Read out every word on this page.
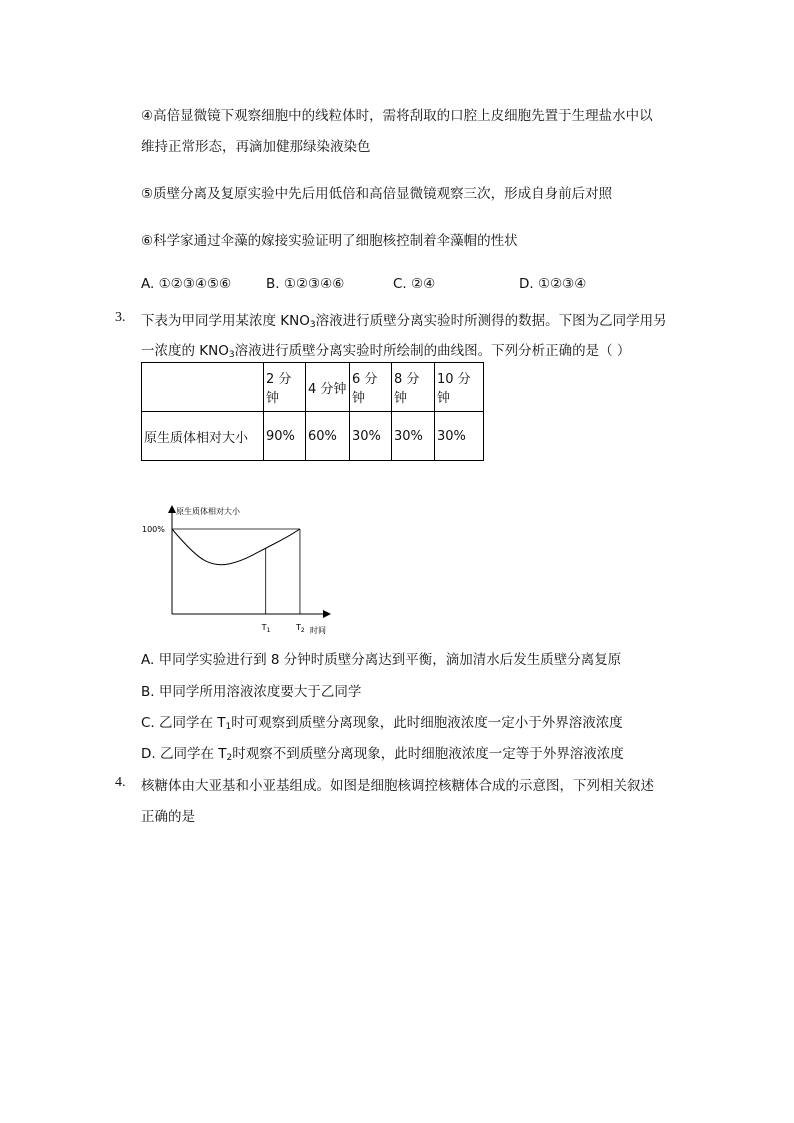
④高倍显微镜下观察细胞中的线粒体时，需将刮取的口腔上皮细胞先置于生理盐水中以
维持正常形态，再滴加健那绿染液染色
⑤质壁分离及复原实验中先后用低倍和高倍显微镜观察三次，形成自身前后对照
⑥科学家通过伞藻的嫁接实验证明了细胞核控制着伞藻帽的性状
A. ①②③④⑤⑥	B. ①②③④⑥	C. ②④	D. ①②③④
3. 下表为甲同学用某浓度 $KNO_3$溶液进行质壁分离实验时所测得的数据。下图为乙同学用另
一浓度的 $KNO_3$溶液进行质壁分离实验时所绘制的曲线图。下列分析正确的是（ ）
	2 分钟	4 分钟	6 分钟	8 分钟	10 分钟
原生质体相对大小	90%	60%	30%	30%	30%
原生质体相对大小
100%
$T_1$	$T_2$ 时间
A. 甲同学实验进行到 8 分钟时质壁分离达到平衡，滴加清水后发生质壁分离复原
B. 甲同学所用溶液浓度要大于乙同学
C. 乙同学在 $T_1$时可观察到质壁分离现象，此时细胞液浓度一定小于外界溶液浓度
D. 乙同学在 $T_2$时观察不到质壁分离现象，此时细胞液浓度一定等于外界溶液浓度
4. 核糖体由大亚基和小亚基组成。如图是细胞核调控核糖体合成的示意图，下列相关叙述
正确的是
